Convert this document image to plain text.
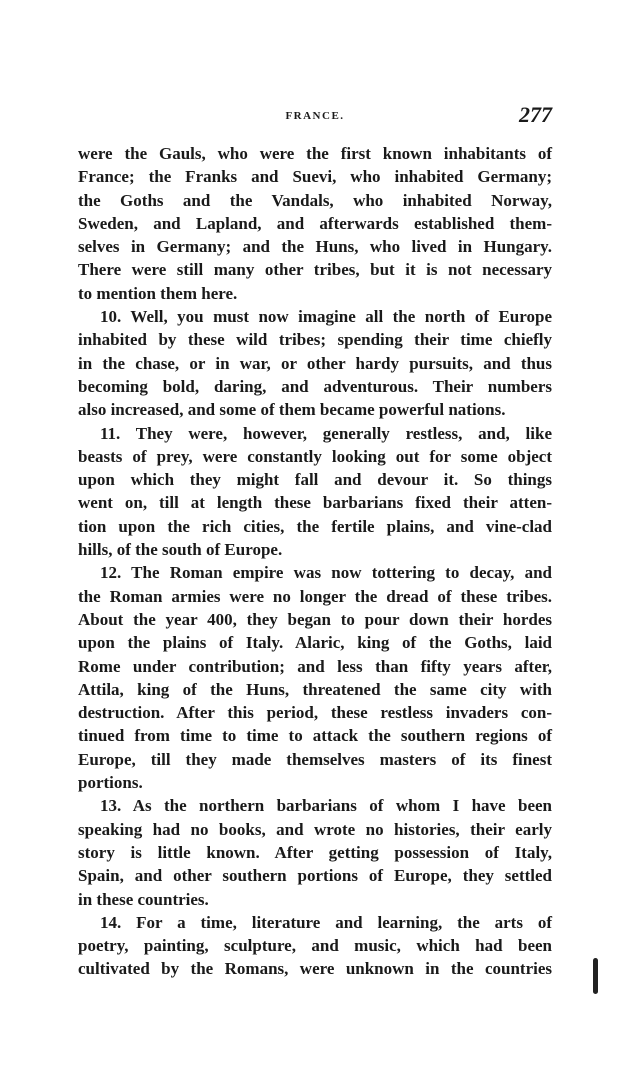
FRANCE.	277
were the Gauls, who were the first known inhabitants of
France; the Franks and Suevi, who inhabited Germany;
the Goths and the Vandals, who inhabited Norway,
Sweden, and Lapland, and afterwards established them-
selves in Germany; and the Huns, who lived in Hungary.
There were still many other tribes, but it is not necessary
to mention them here.
10. Well, you must now imagine all the north of Europe
inhabited by these wild tribes; spending their time chiefly
in the chase, or in war, or other hardy pursuits, and thus
becoming bold, daring, and adventurous. Their numbers
also increased, and some of them became powerful nations.
11. They were, however, generally restless, and, like
beasts of prey, were constantly looking out for some object
upon which they might fall and devour it. So things
went on, till at length these barbarians fixed their atten-
tion upon the rich cities, the fertile plains, and vine-clad
hills, of the south of Europe.
12. The Roman empire was now tottering to decay, and
the Roman armies were no longer the dread of these tribes.
About the year 400, they began to pour down their hordes
upon the plains of Italy. Alaric, king of the Goths, laid
Rome under contribution; and less than fifty years after,
Attila, king of the Huns, threatened the same city with
destruction. After this period, these restless invaders con-
tinued from time to time to attack the southern regions of
Europe, till they made themselves masters of its finest
portions.
13. As the northern barbarians of whom I have been
speaking had no books, and wrote no histories, their early
story is little known. After getting possession of Italy,
Spain, and other southern portions of Europe, they settled
in these countries.
14. For a time, literature and learning, the arts of
poetry, painting, sculpture, and music, which had been
cultivated by the Romans, were unknown in the countries
